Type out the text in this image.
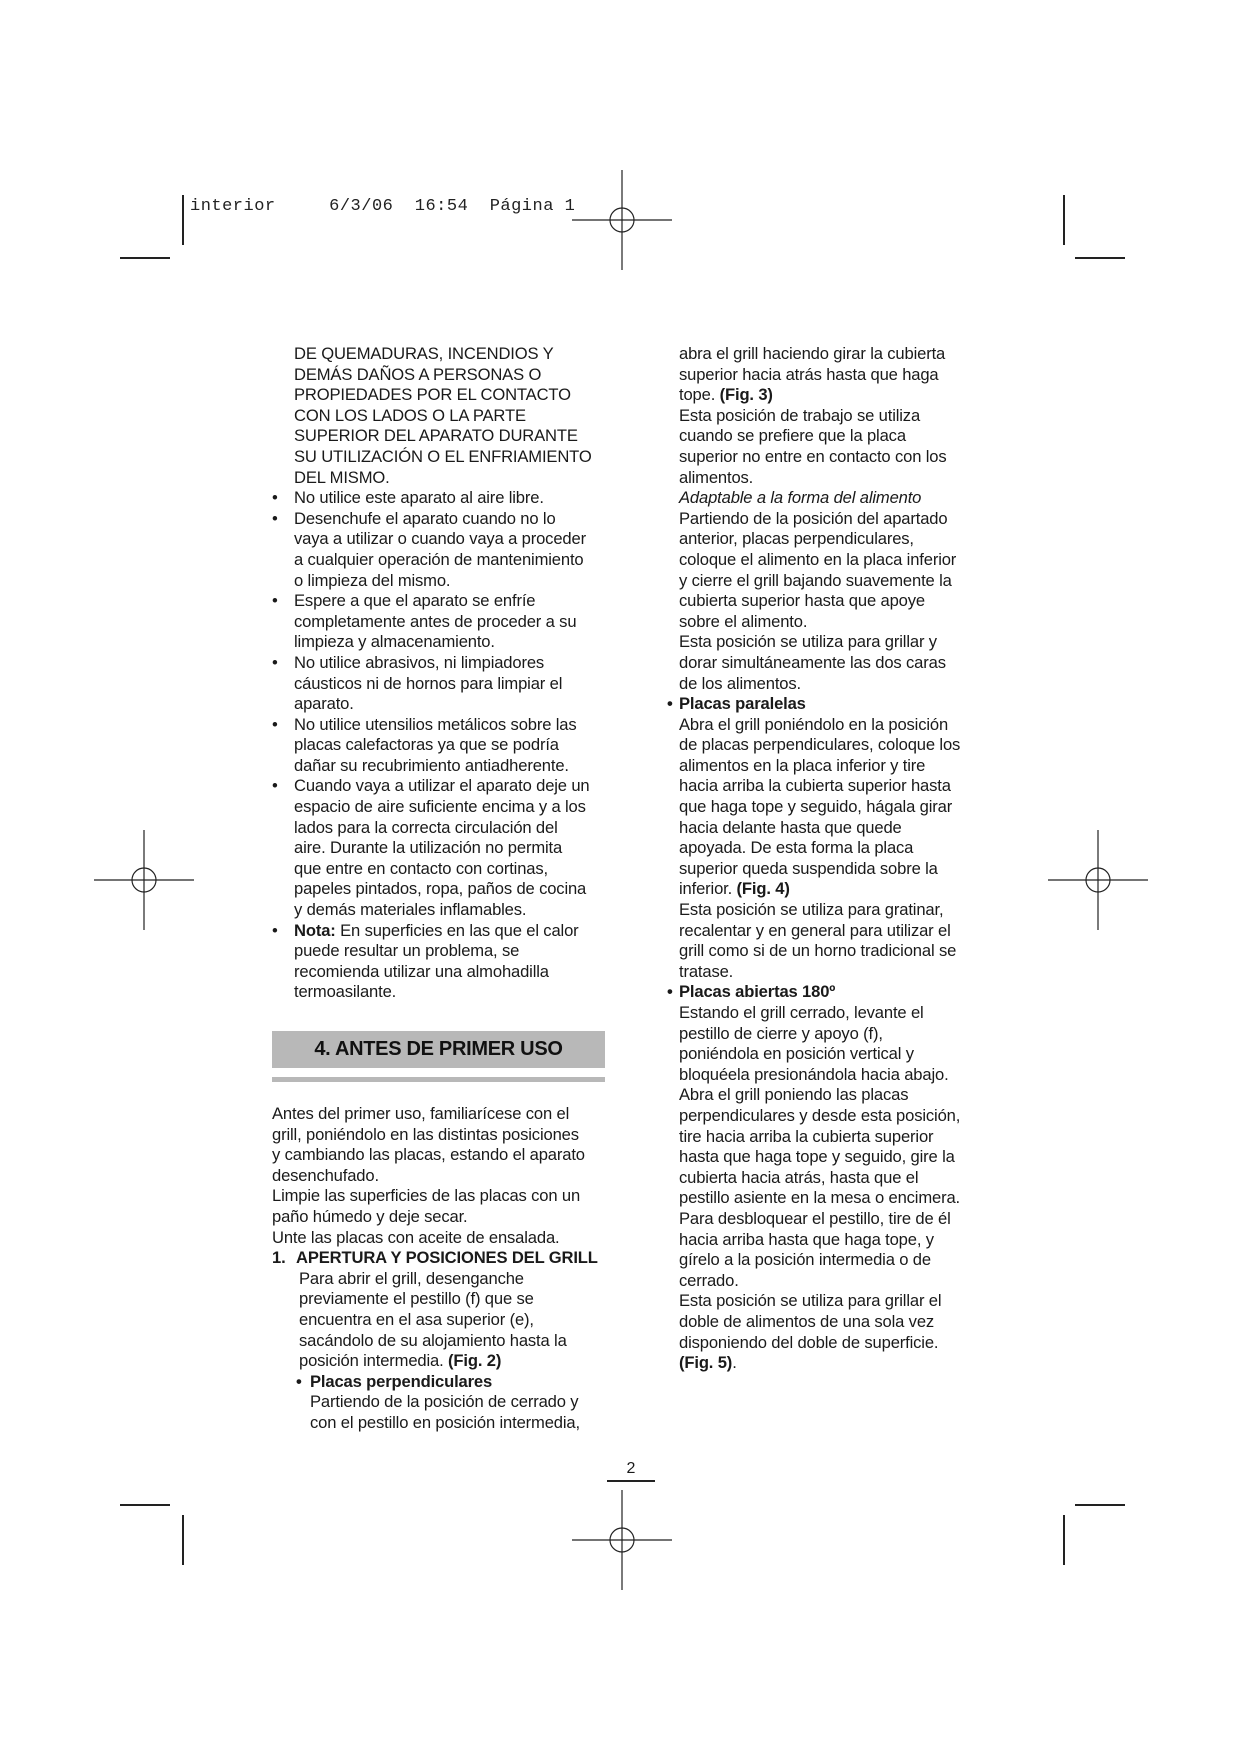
interior	6/3/06 16:54 Página 1

DE QUEMADURAS, INCENDIOS Y

DEMÁS DAÑOS A PERSONAS O

PROPIEDADES POR EL CONTACTO

CON LOS LADOS O LA PARTE

SUPERIOR DEL APARATO DURANTE

SU UTILIZACIÓN O EL ENFRIAMIENTO

DEL MISMO.

• No utilice este aparato al aire libre.

• Desenchufe el aparato cuando no lo

vaya a utilizar o cuando vaya a proceder

a cualquier operación de mantenimiento

o limpieza del mismo.

• Espere a que el aparato se enfríe

completamente antes de proceder a su

limpieza y almacenamiento.

• No utilice abrasivos, ni limpiadores

cáusticos ni de hornos para limpiar el

aparato.

• No utilice utensilios metálicos sobre las

placas calefactoras ya que se podría

dañar su recubrimiento antiadherente.

• Cuando vaya a utilizar el aparato deje un

espacio de aire suficiente encima y a los

lados para la correcta circulación del

aire. Durante la utilización no permita

que entre en contacto con cortinas,

papeles pintados, ropa, paños de cocina

y demás materiales inflamables.

• Nota: En superficies en las que el calor

puede resultar un problema, se

recomienda utilizar una almohadilla

termoasilante.

4. ANTES DE PRIMER USO

Antes del primer uso, familiarícese con el

grill, poniéndolo en las distintas posiciones

y cambiando las placas, estando el aparato

desenchufado.

Limpie las superficies de las placas con un

paño húmedo y deje secar.

Unte las placas con aceite de ensalada.

1. APERTURA Y POSICIONES DEL GRILL

Para abrir el grill, desenganche

previamente el pestillo (f) que se

encuentra en el asa superior (e),

sacándolo de su alojamiento hasta la

posición intermedia. (Fig. 2)

• Placas perpendiculares

Partiendo de la posición de cerrado y

con el pestillo en posición intermedia,

abra el grill haciendo girar la cubierta

superior hacia atrás hasta que haga

tope. (Fig. 3)

Esta posición de trabajo se utiliza

cuando se prefiere que la placa

superior no entre en contacto con los

alimentos.

Adaptable a la forma del alimento

Partiendo de la posición del apartado

anterior, placas perpendiculares,

coloque el alimento en la placa inferior

y cierre el grill bajando suavemente la

cubierta superior hasta que apoye

sobre el alimento.

Esta posición se utiliza para grillar y

dorar simultáneamente las dos caras

de los alimentos.

• Placas paralelas

Abra el grill poniéndolo en la posición

de placas perpendiculares, coloque los

alimentos en la placa inferior y tire

hacia arriba la cubierta superior hasta

que haga tope y seguido, hágala girar

hacia delante hasta que quede

apoyada. De esta forma la placa

superior queda suspendida sobre la

inferior. (Fig. 4)

Esta posición se utiliza para gratinar,

recalentar y en general para utilizar el

grill como si de un horno tradicional se

tratase.

• Placas abiertas 180º

Estando el grill cerrado, levante el

pestillo de cierre y apoyo (f),

poniéndola en posición vertical y

bloquéela presionándola hacia abajo.

Abra el grill poniendo las placas

perpendiculares y desde esta posición,

tire hacia arriba la cubierta superior

hasta que haga tope y seguido, gire la

cubierta hacia atrás, hasta que el

pestillo asiente en la mesa o encimera.

Para desbloquear el pestillo, tire de él

hacia arriba hasta que haga tope, y

gírelo a la posición intermedia o de

cerrado.

Esta posición se utiliza para grillar el

doble de alimentos de una sola vez

disponiendo del doble de superficie.

(Fig. 5).

2
